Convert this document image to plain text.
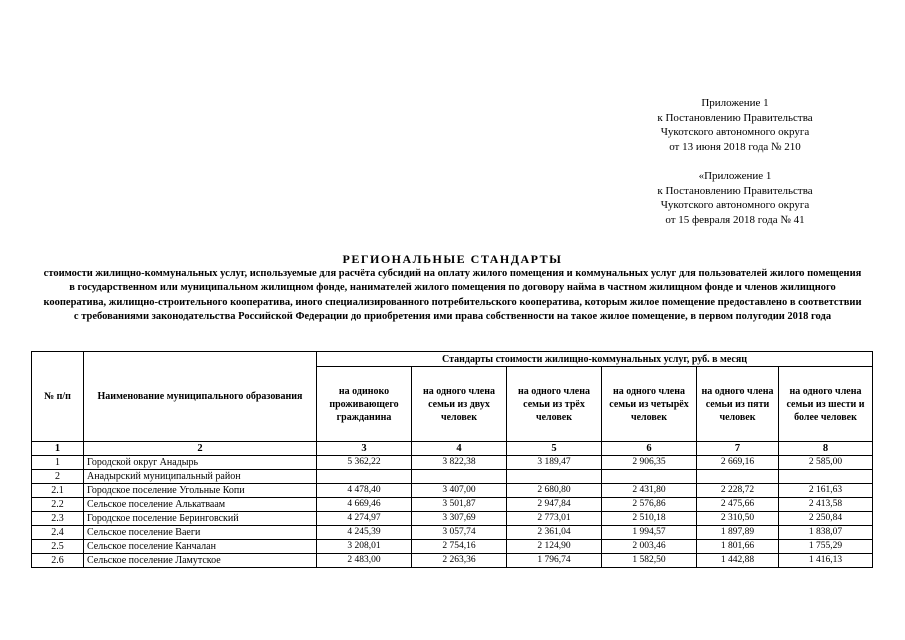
Приложение 1
к Постановлению Правительства
Чукотского автономного округа
от 13 июня 2018 года № 210
«Приложение 1
к Постановлению Правительства
Чукотского автономного округа
от 15 февраля 2018 года № 41
РЕГИОНАЛЬНЫЕ СТАНДАРТЫ
стоимости жилищно-коммунальных услуг, используемые для расчёта субсидий на оплату жилого помещения и коммунальных услуг для пользователей жилого помещения в государственном или муниципальном жилищном фонде, нанимателей жилого помещения по договору найма в частном жилищном фонде и членов жилищного кооператива, жилищно-строительного кооператива, иного специализированного потребительского кооператива, которым жилое помещение предоставлено в соответствии с требованиями законодательства Российской Федерации до приобретения ими права собственности на такое жилое помещение, в первом полугодии 2018 года
№ п/п	Наименование муниципального образования	Стандарты стоимости жилищно-коммунальных услуг, руб. в месяц					
		на одиноко проживающего гражданина	на одного члена семьи из двух человек	на одного члена семьи из трёх человек	на одного члена семьи из четырёх человек	на одного члена семьи из пяти человек	на одного члена семьи из шести и более человек
1	2	3	4	5	6	7	8
1	Городской округ Анадырь	5 362,22	3 822,38	3 189,47	2 906,35	2 669,16	2 585,00
2	Анадырский муниципальный район						
2.1	Городское поселение Угольные Копи	4 478,40	3 407,00	2 680,80	2 431,80	2 228,72	2 161,63
2.2	Сельское поселение Алькатваам	4 669,46	3 501,87	2 947,84	2 576,86	2 475,66	2 413,58
2.3	Городское поселение Беринговский	4 274,97	3 307,69	2 773,01	2 510,18	2 310,50	2 250,84
2.4	Сельское поселение Ваеги	4 245,39	3 057,74	2 361,04	1 994,57	1 897,89	1 838,07
2.5	Сельское поселение Канчалан	3 208,01	2 754,16	2 124,90	2 003,46	1 801,66	1 755,29
2.6	Сельское поселение Ламутское	2 483,00	2 263,36	1 796,74	1 582,50	1 442,88	1 416,13
